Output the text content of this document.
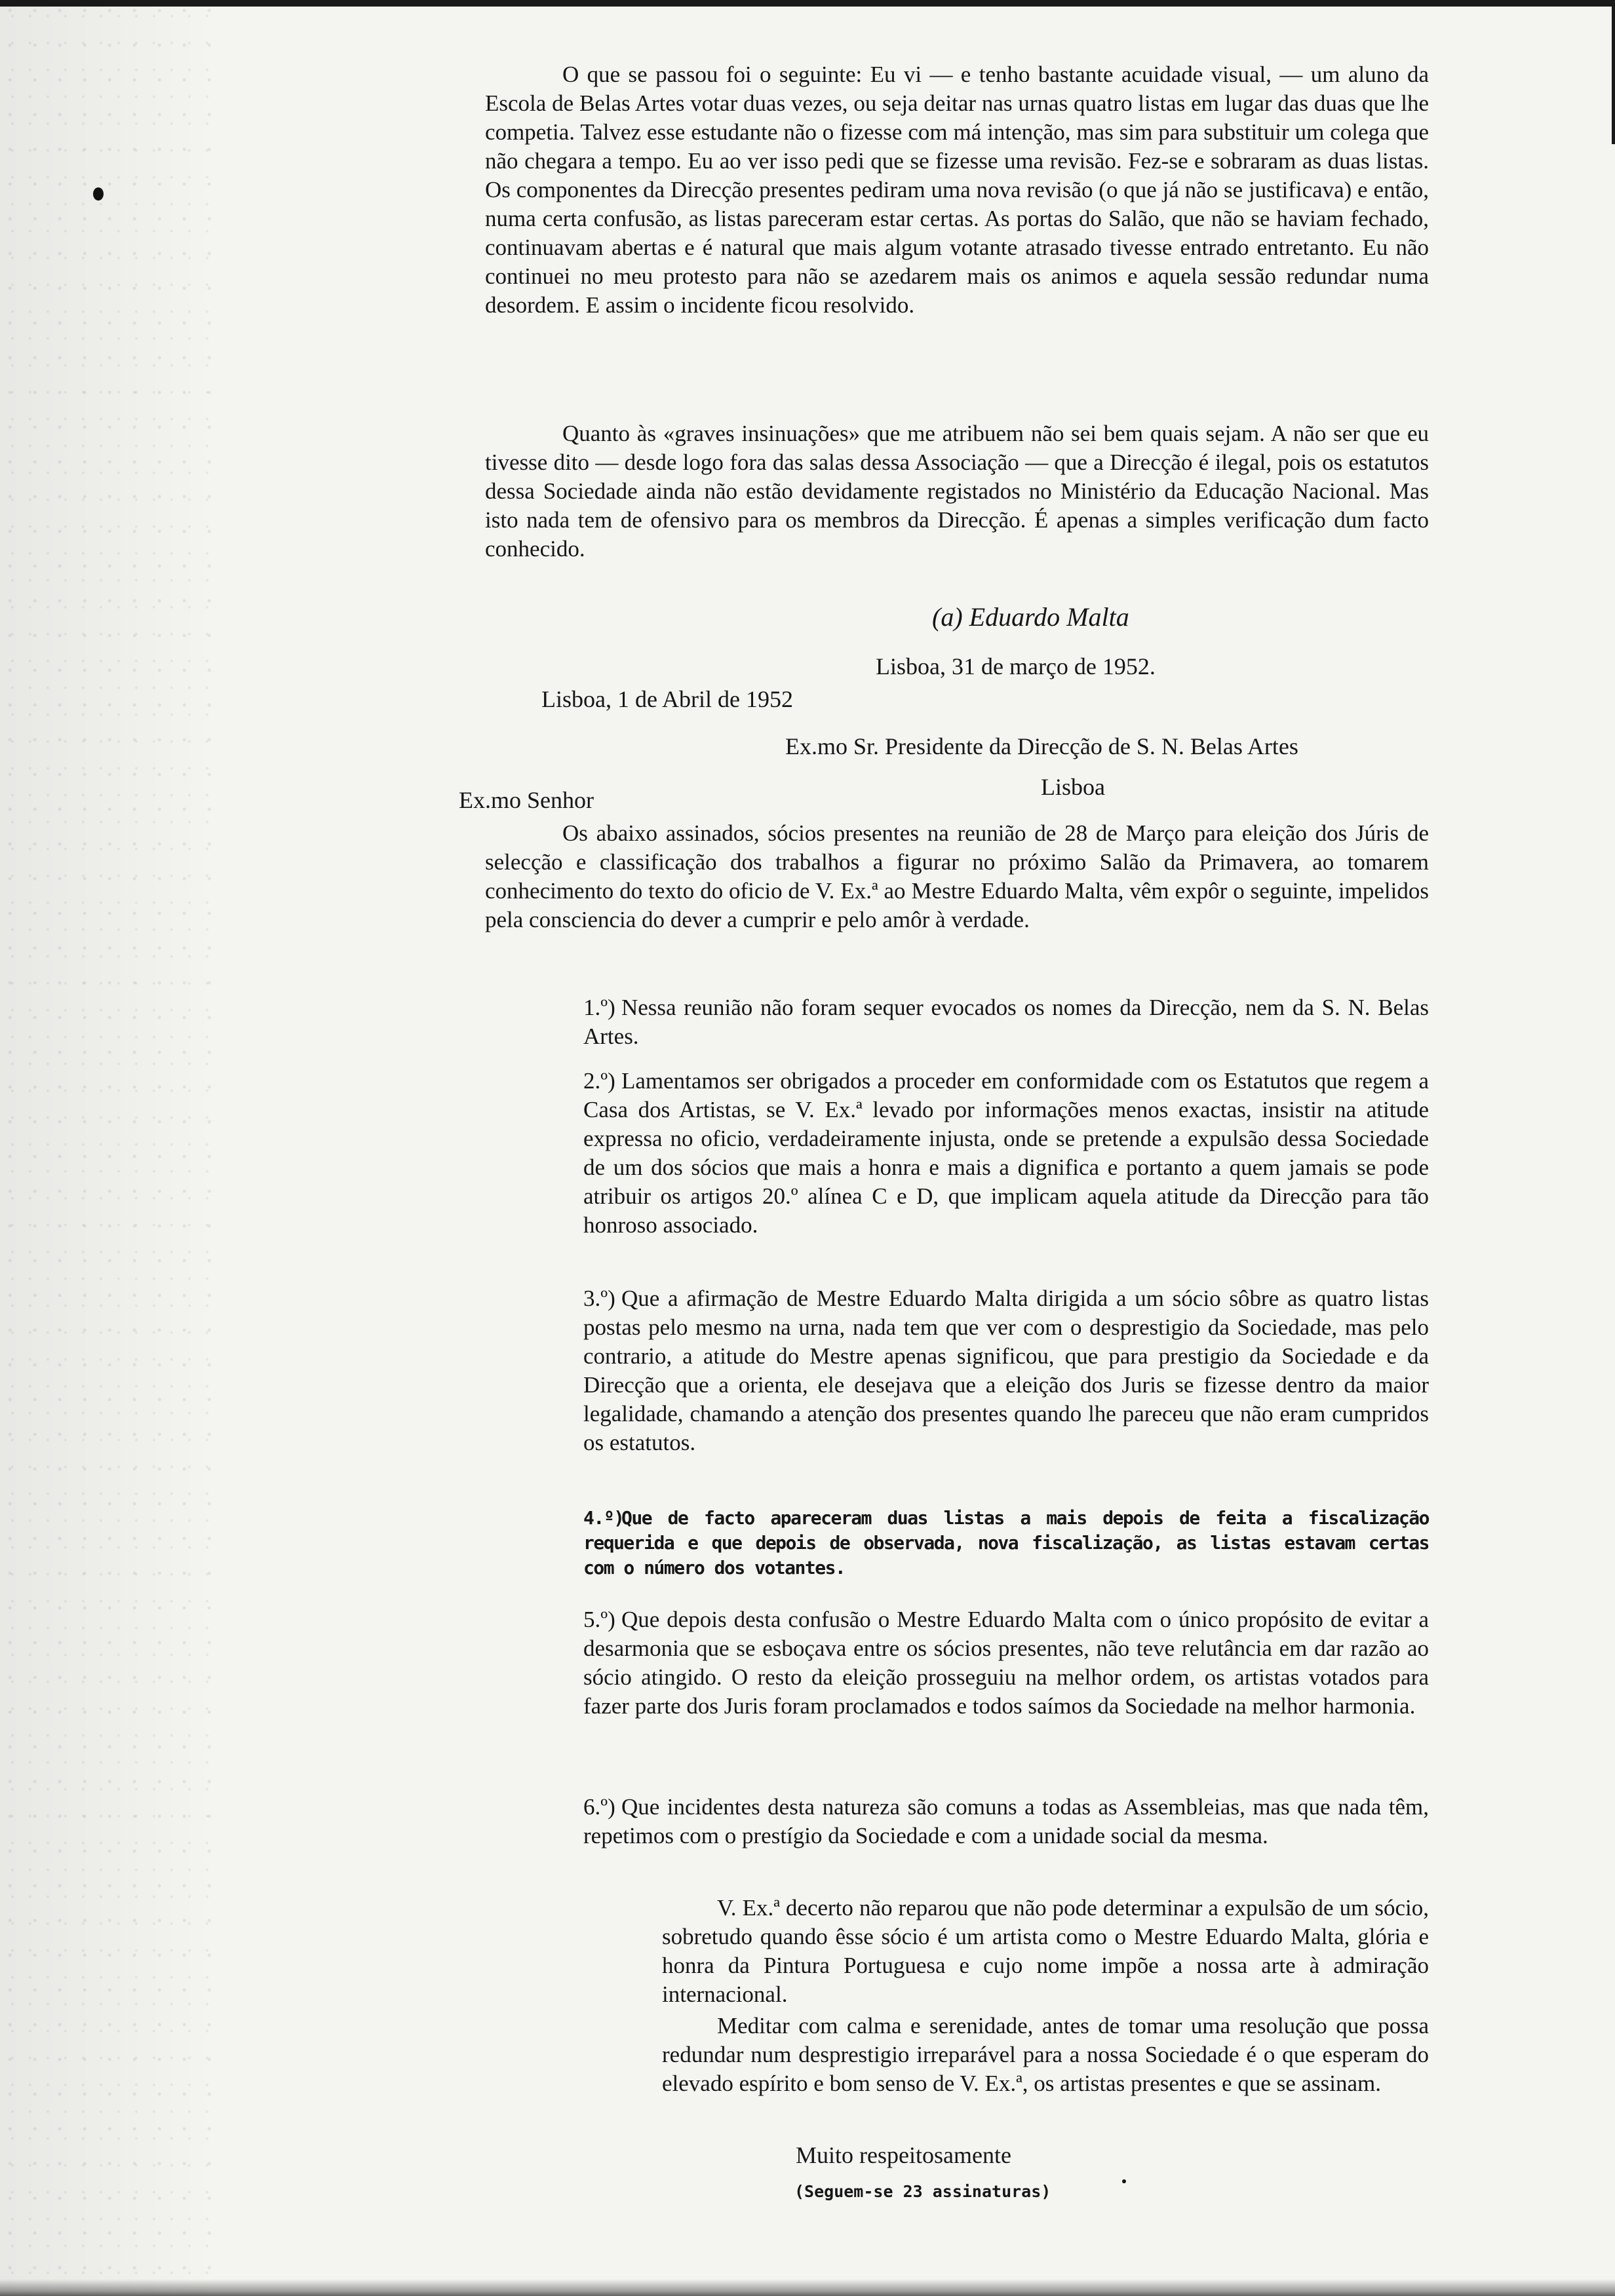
O que se passou foi o seguinte: Eu vi — e tenho bastante acuidade visual, — um aluno da Escola de Belas Artes votar duas vezes, ou seja deitar nas urnas quatro listas em lugar das duas que lhe competia. Talvez esse estudante não o fizesse com má intenção, mas sim para substituir um colega que não chegara a tempo. Eu ao ver isso pedi que se fizesse uma revisão. Fez-se e sobraram as duas listas. Os componentes da Direcção presentes pediram uma nova revisão (o que já não se justificava) e então, numa certa confusão, as listas pareceram estar certas. As portas do Salão, que não se haviam fechado, continuavam abertas e é natural que mais algum votante atrasado tivesse entrado entretanto. Eu não continuei no meu protesto para não se azedarem mais os animos e aquela sessão redundar numa desordem. E assim o incidente ficou resolvido.

Quanto às «graves insinuações» que me atribuem não sei bem quais sejam. A não ser que eu tivesse dito — desde logo fora das salas dessa Associação — que a Direcção é ilegal, pois os estatutos dessa Sociedade ainda não estão devidamente registados no Ministério da Educação Nacional. Mas isto nada tem de ofensivo para os membros da Direcção. É apenas a simples verificação dum facto conhecido.

(a) Eduardo Malta
Lisboa, 31 de março de 1952.
Lisboa, 1 de Abril de 1952
Ex.mo Sr. Presidente da Direcção de S. N. Belas Artes
Lisboa
Ex.mo Senhor

Os abaixo assinados, sócios presentes na reunião de 28 de Março para eleição dos Júris de selecção e classificação dos trabalhos a figurar no próximo Salão da Primavera, ao tomarem conhecimento do texto do oficio de V. Ex.ª ao Mestre Eduardo Malta, vêm expôr o seguinte, impelidos pela consciencia do dever a cumprir e pelo amôr à verdade.

1.º) Nessa reunião não foram sequer evocados os nomes da Direcção, nem da S. N. Belas Artes.

2.º) Lamentamos ser obrigados a proceder em conformidade com os Estatutos que regem a Casa dos Artistas, se V. Ex.ª levado por informações menos exactas, insistir na atitude expressa no oficio, verdadeiramente injusta, onde se pretende a expulsão dessa Sociedade de um dos sócios que mais a honra e mais a dignifica e portanto a quem jamais se pode atribuir os artigos 20.º alínea C e D, que implicam aquela atitude da Direcção para tão honroso associado.

3.º) Que a afirmação de Mestre Eduardo Malta dirigida a um sócio sôbre as quatro listas postas pelo mesmo na urna, nada tem que ver com o desprestigio da Sociedade, mas pelo contrario, a atitude do Mestre apenas significou, que para prestigio da Sociedade e da Direcção que a orienta, ele desejava que a eleição dos Juris se fizesse dentro da maior legalidade, chamando a atenção dos presentes quando lhe pareceu que não eram cumpridos os estatutos.

4.º)Que de facto apareceram duas listas a mais depois de feita a fiscalização requerida e que depois de observada, nova fiscalização, as listas estavam certas com o número dos votantes.

5.º) Que depois desta confusão o Mestre Eduardo Malta com o único propósito de evitar a desarmonia que se esboçava entre os sócios presentes, não teve relutância em dar razão ao sócio atingido. O resto da eleição prosseguiu na melhor ordem, os artistas votados para fazer parte dos Juris foram proclamados e todos saímos da Sociedade na melhor harmonia.

6.º) Que incidentes desta natureza são comuns a todas as Assembleias, mas que nada têm, repetimos com o prestígio da Sociedade e com a unidade social da mesma.

V. Ex.ª decerto não reparou que não pode determinar a expulsão de um sócio, sobretudo quando êsse sócio é um artista como o Mestre Eduardo Malta, glória e honra da Pintura Portuguesa e cujo nome impõe a nossa arte à admiração internacional.

Meditar com calma e serenidade, antes de tomar uma resolução que possa redundar num desprestigio irreparável para a nossa Sociedade é o que esperam do elevado espírito e bom senso de V. Ex.ª, os artistas presentes e que se assinam.

Muito respeitosamente
(Seguem-se 23 assinaturas)
